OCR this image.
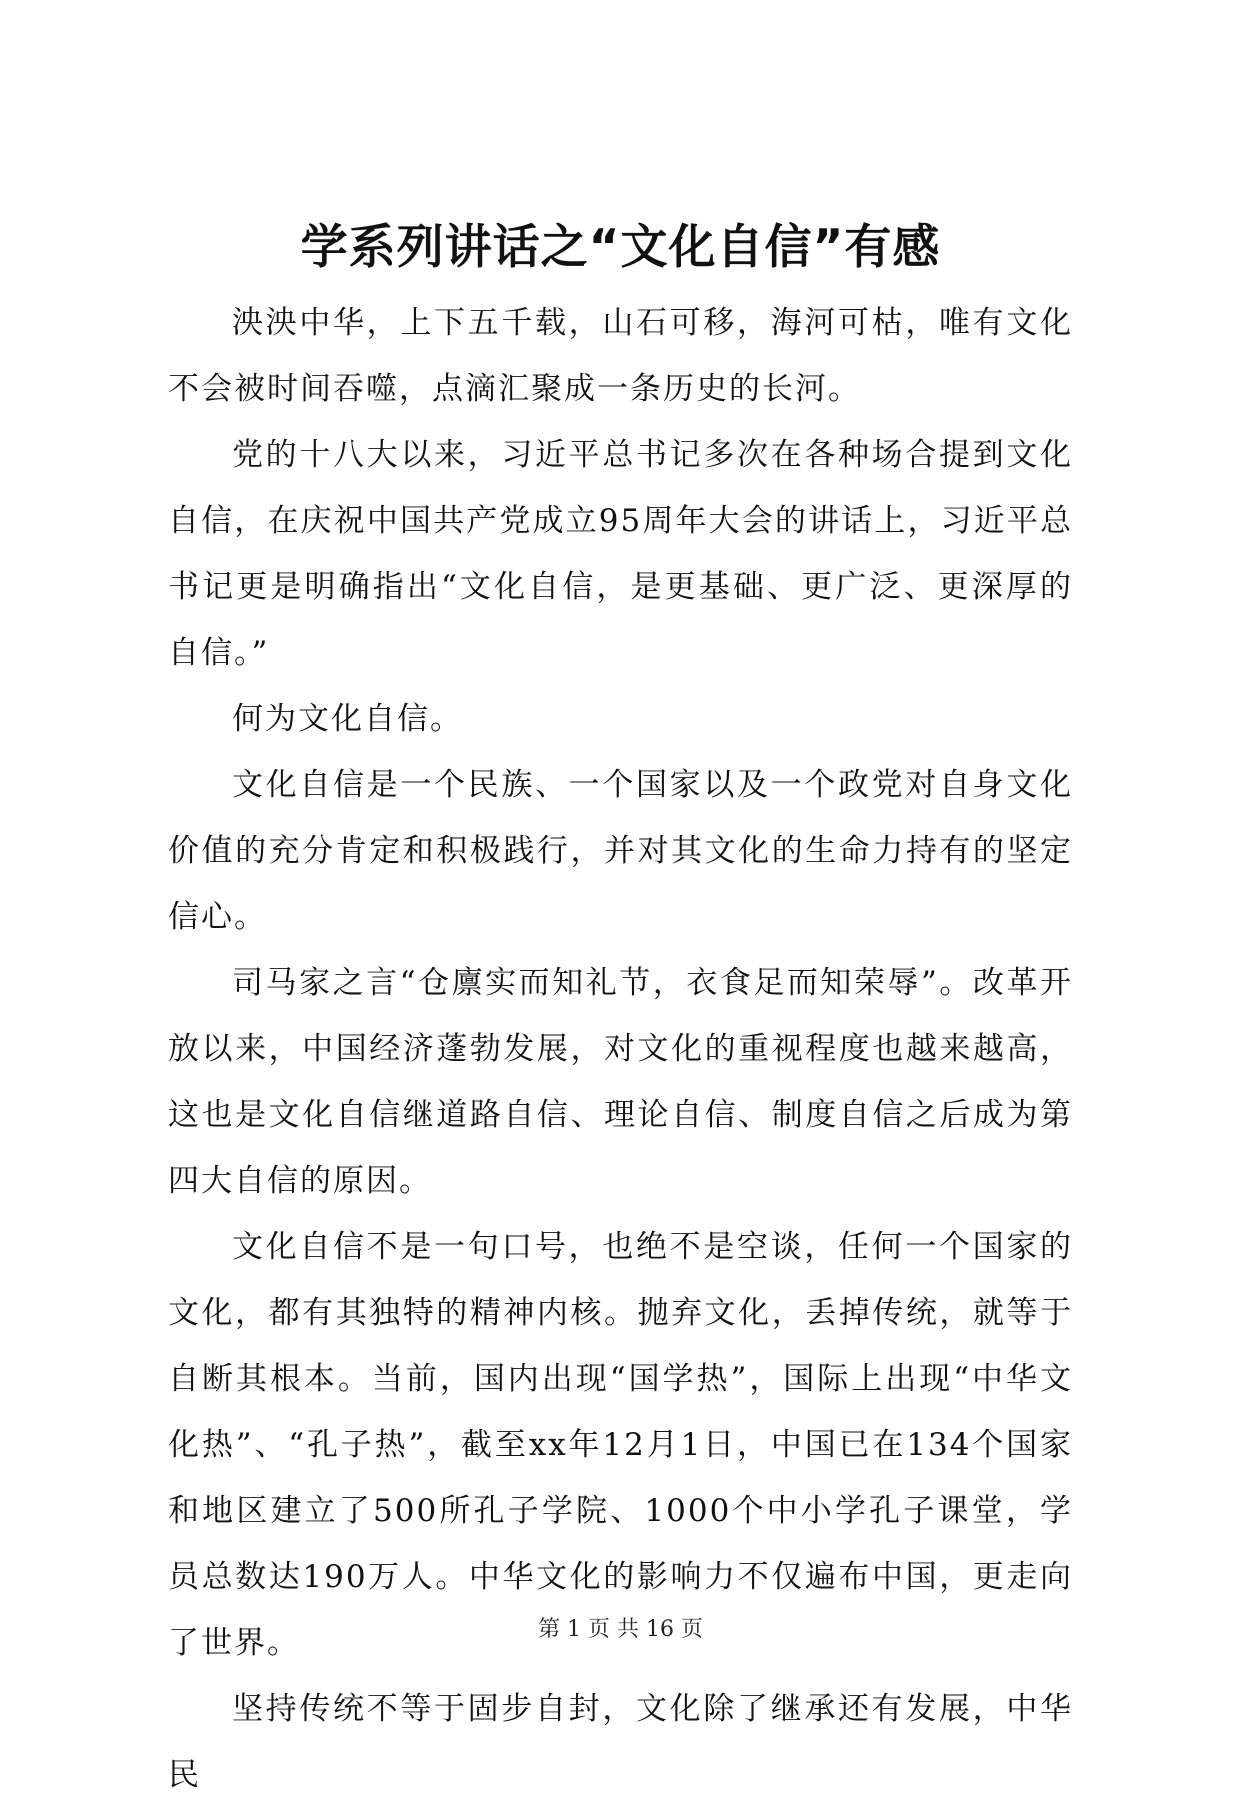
学系列讲话之“文化自信”有感

泱泱中华，上下五千载，山石可移，海河可枯，唯有文化不会被时间吞噬，点滴汇聚成一条历史的长河。

党的十八大以来，习近平总书记多次在各种场合提到文化自信，在庆祝中国共产党成立95周年大会的讲话上，习近平总书记更是明确指出“文化自信，是更基础、更广泛、更深厚的自信。”

何为文化自信。

文化自信是一个民族、一个国家以及一个政党对自身文化价值的充分肯定和积极践行，并对其文化的生命力持有的坚定信心。

司马家之言“仓廪实而知礼节，衣食足而知荣辱”。改革开放以来，中国经济蓬勃发展，对文化的重视程度也越来越高，这也是文化自信继道路自信、理论自信、制度自信之后成为第四大自信的原因。

文化自信不是一句口号，也绝不是空谈，任何一个国家的文化，都有其独特的精神内核。抛弃文化，丢掉传统，就等于自断其根本。当前，国内出现“国学热”，国际上出现“中华文化热”、“孔子热”，截至xx年12月1日，中国已在134个国家和地区建立了500所孔子学院、1000个中小学孔子课堂，学员总数达190万人。中华文化的影响力不仅遍布中国，更走向了世界。

坚持传统不等于固步自封，文化除了继承还有发展，中华民

第 1 页 共 16 页
